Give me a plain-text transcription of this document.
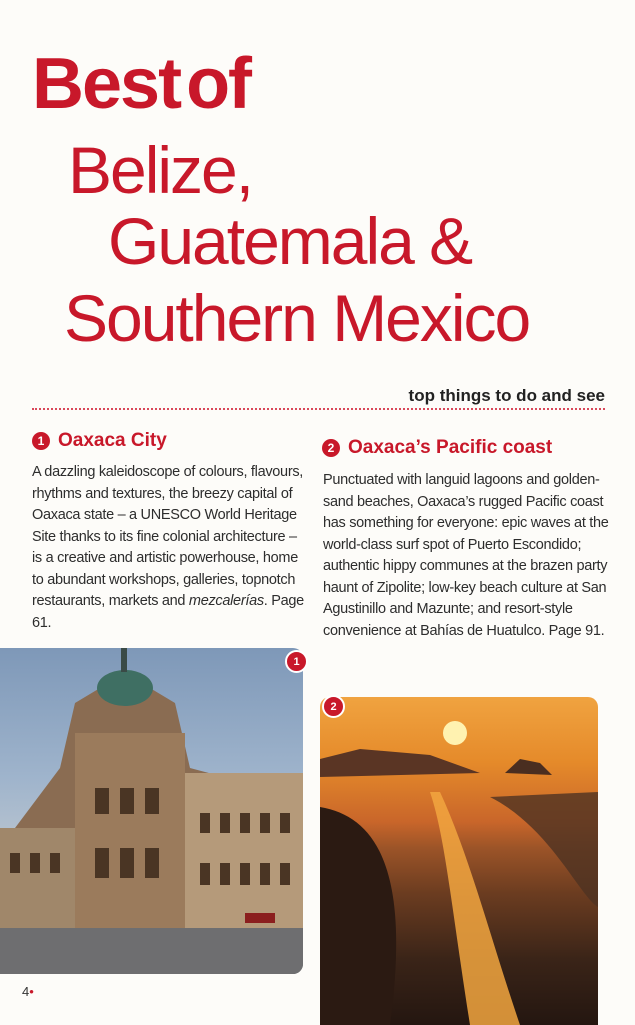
Bestof
Belize,
Guatemala &
Southern Mexico
top things to do and see
1 Oaxaca City
A dazzling kaleidoscope of colours, flavours, rhythms and textures, the breezy capital of Oaxaca state – a UNESCO World Heritage Site thanks to its fine colonial architecture – is a creative and artistic powerhouse, home to abundant workshops, galleries, topnotch restaurants, markets and mezcalerías. Page 61.
2 Oaxaca’s Pacific coast
Punctuated with languid lagoons and golden-sand beaches, Oaxaca’s rugged Pacific coast has something for everyone: epic waves at the world-class surf spot of Puerto Escondido; authentic hippy communes at the brazen party haunt of Zipolite; low-key beach culture at San Agustinillo and Mazunte; and resort-style convenience at Bahías de Huatulco. Page 91.
1
2
4•
